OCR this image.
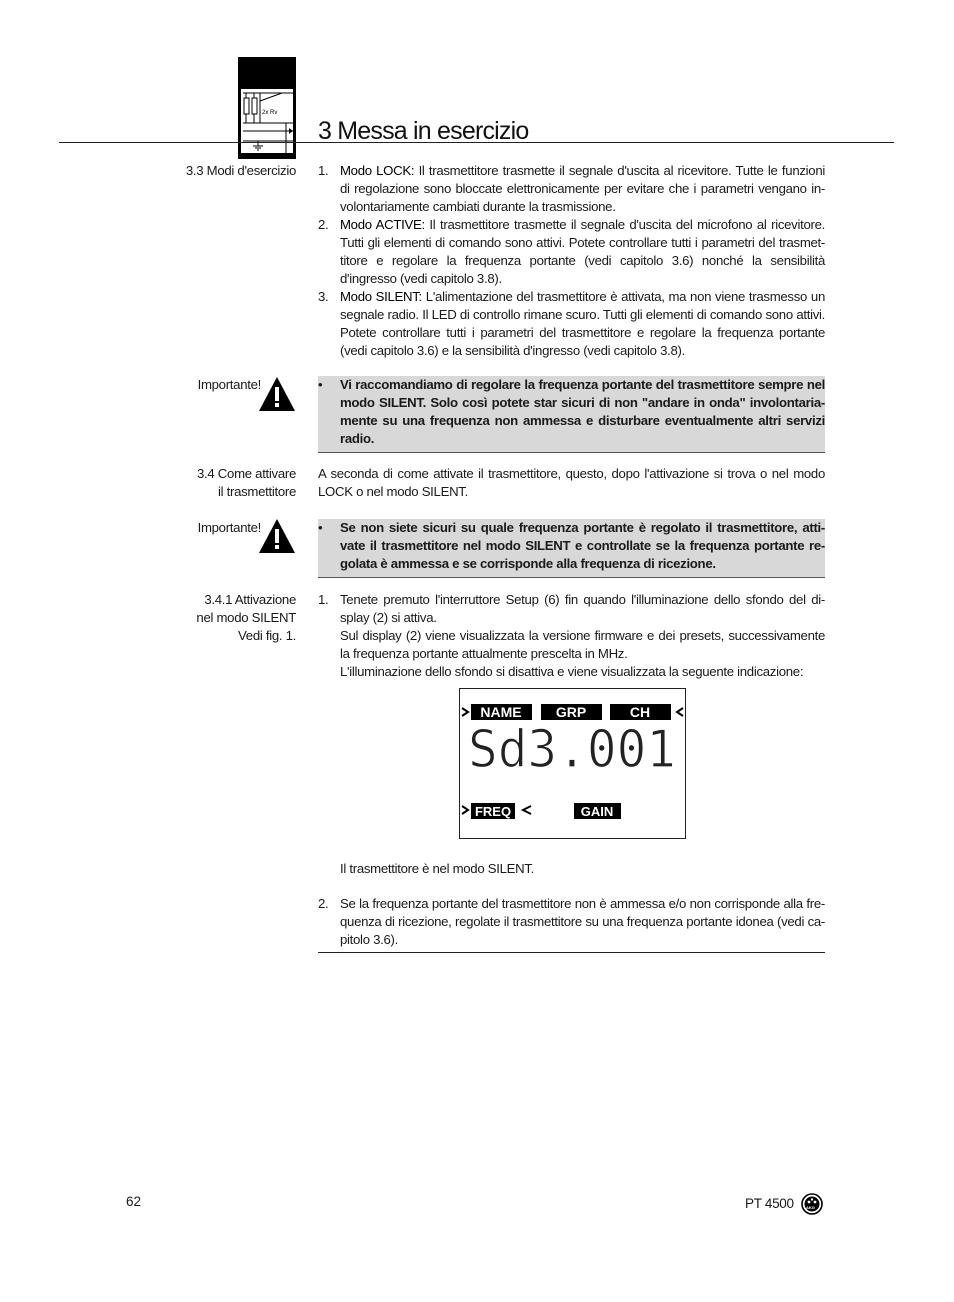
2x Rv
3 Messa in esercizio
3.3 Modi d'esercizio 1. Modo LOCK: Il trasmettitore trasmette il segnale d'uscita al ricevitore. Tutte le funzioni di regolazione sono bloccate elettronicamente per evitare che i parametri vengano in-volontariamente cambiati durante la trasmissione.

2. Modo ACTIVE: Il trasmettitore trasmette il segnale d'uscita del microfono al ricevitore. Tutti gli elementi di comando sono attivi. Potete controllare tutti i parametri del trasmet-titore e regolare la frequenza portante (vedi capitolo 3.6) nonché la sensibilità d'ingresso (vedi capitolo 3.8).

3. Modo SILENT: L'alimentazione del trasmettitore è attivata, ma non viene trasmesso un segnale radio. Il LED di controllo rimane scuro. Tutti gli elementi di comando sono attivi. Potete controllare tutti i parametri del trasmettitore e regolare la frequenza portante (vedi capitolo 3.6) e la sensibilità d'ingresso (vedi capitolo 3.8).

Importante!	• Vi raccomandiamo di regolare la frequenza portante del trasmettitore sempre nel modo SILENT. Solo così potete star sicuri di non "andare in onda" involontaria-mente su una frequenza non ammessa e disturbare eventualmente altri servizi radio.

3.4 Come attivare
il trasmettitore

A seconda di come attivate il trasmettitore, questo, dopo l'attivazione si trova o nel modo LOCK o nel modo SILENT.

Importante!	• Se non siete sicuri su quale frequenza portante è regolato il trasmettitore, atti-vate il trasmettitore nel modo SILENT e controllate se la frequenza portante re-golata è ammessa e se corrisponde alla frequenza di ricezione.

3.4.1 Attivazione
nel modo SILENT
Vedi fig. 1.
1. Tenete premuto l'interruttore Setup (6) fin quando l'illuminazione dello sfondo del di-splay (2) si attiva.

Sul display (2) viene visualizzata la versione firmware e dei presets, successivamente la frequenza portante attualmente prescelta in MHz.

L'illuminazione dello sfondo si disattiva e viene visualizzata la seguente indicazione:

NAME GRP	CH
Sd3.001
FREQ	GAIN

Il trasmettitore è nel modo SILENT.

2. Se la frequenza portante del trasmettitore non è ammessa e/o non corrisponde alla fre-quenza di ricezione, regolate il trasmettitore su una frequenza portante idonea (vedi ca-pitolo 3.6).

62	PT 4500	AKG
